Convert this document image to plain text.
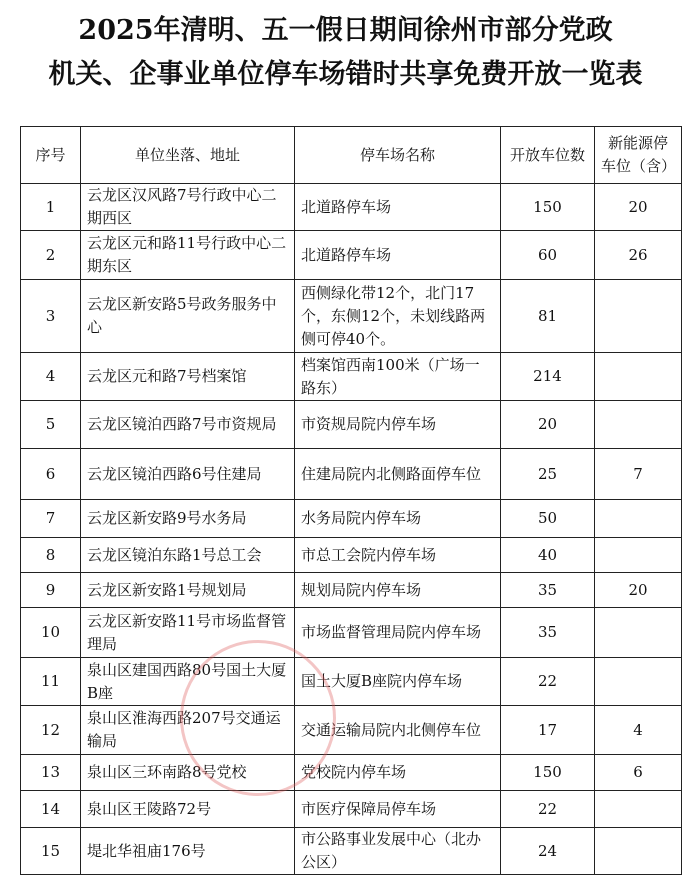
2025年清明、五一假日期间徐州市部分党政
机关、企事业单位停车场错时共享免费开放一览表
序号	单位坐落、地址	停车场名称	开放车位数	新能源停车位（含）
1	云龙区汉风路7号行政中心二期西区	北道路停车场	150	20
2	云龙区元和路11号行政中心二期东区	北道路停车场	60	26
3	云龙区新安路5号政务服务中心	西侧绿化带12个，北门17个，东侧12个，未划线路两侧可停40个。	81	
4	云龙区元和路7号档案馆	档案馆西南100米（广场一路东）	214	
5	云龙区镜泊西路7号市资规局	市资规局院内停车场	20	
6	云龙区镜泊西路6号住建局	住建局院内北侧路面停车位	25	7
7	云龙区新安路9号水务局	水务局院内停车场	50	
8	云龙区镜泊东路1号总工会	市总工会院内停车场	40	
9	云龙区新安路1号规划局	规划局院内停车场	35	20
10	云龙区新安路11号市场监督管理局	市场监督管理局院内停车场	35	
11	泉山区建国西路80号国土大厦B座	国土大厦B座院内停车场	22	
12	泉山区淮海西路207号交通运输局	交通运输局院内北侧停车位	17	4
13	泉山区三环南路8号党校	党校院内停车场	150	6
14	泉山区王陵路72号	市医疗保障局停车场	22	
15	堤北华祖庙176号	市公路事业发展中心（北办公区）	24	
